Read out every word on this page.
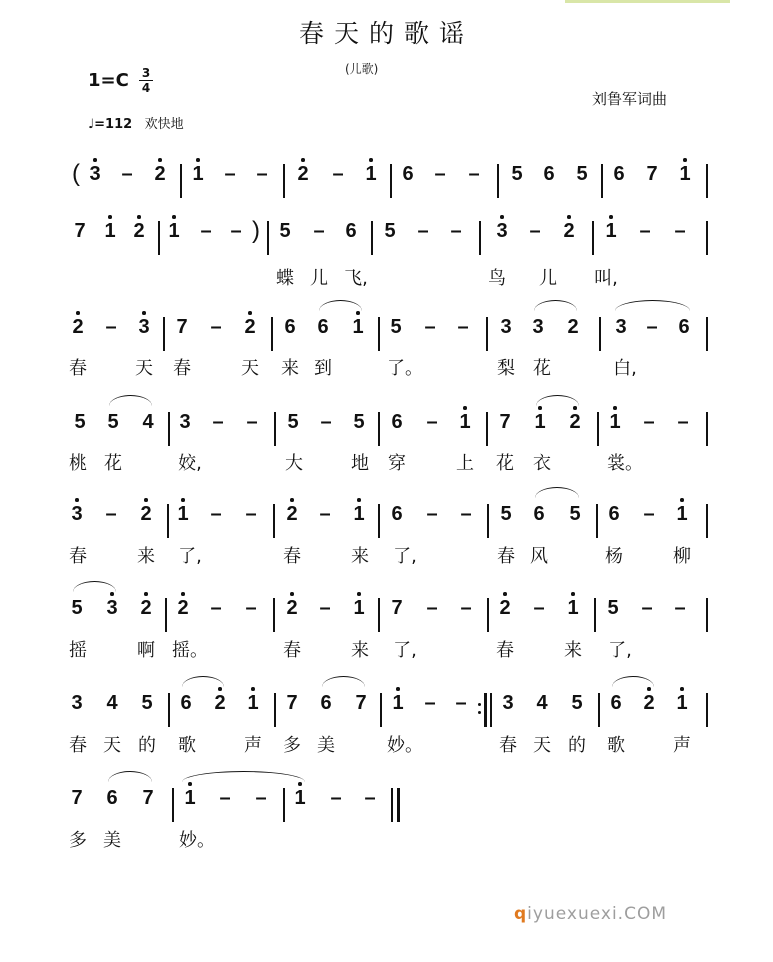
春天的歌谣
(儿歌)
$1=C \frac{3}{4}$
刘鲁军词曲
♩=112 欢快地
( 3 – 2 1 – – 2 – 1 6 – – 5 6 5 6 7 1
7 1 2 1 – – ) 5 – 6 5 – – 3 – 2 1 – –
2 – 3 7 – 2 6 6 1 5 – – 3 3 2 3 – 6
5 5 4 3 – – 5 – 5 6 – 1 7 1 2 1 – –
3 – 2 1 – – 2 – 1 6 – – 5 6 5 6 – 1
5 3 2 2 – – 2 – 1 7 – – 2 – 1 5 – –
3 4 5 6 2 1 7 6 7 1 – – 3 4 5 6 2 1
7 6 7 1 – – 1 – –
蝶 儿 飞,	鸟 儿 叫,
春	天 春	天 来 到	了。	梨 花	白,
桃 花	姣,	大	地 穿	上 花 衣	裳。
春	来 了,	春	来 了,	春 风	杨	柳
摇	啊 摇。	春	来 了,	春	来 了,
春 天 的 歌	声 多 美	妙。	春 天 的 歌	声
多 美	妙。
qiyuexuexi.COM
